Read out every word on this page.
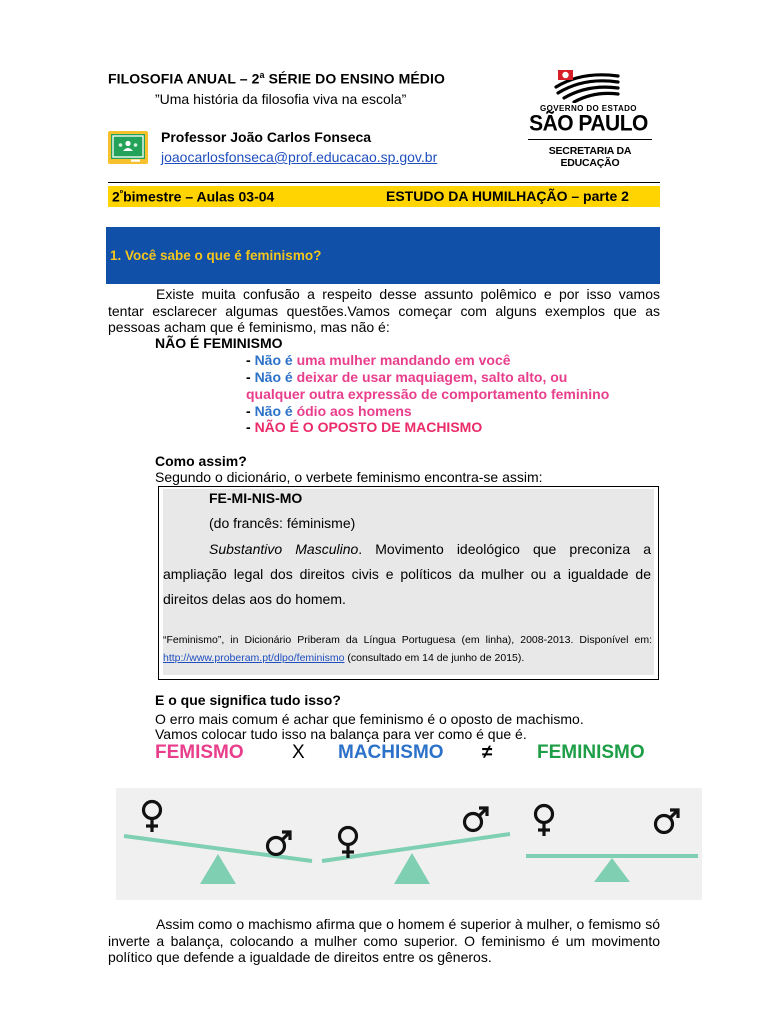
FILOSOFIA ANUAL – 2$^a$ SÉRIE DO ENSINO MÉDIO
”Uma história da filosofia viva na escola”
Professor João Carlos Fonseca
joaocarlosfonseca@prof.educacao.sp.gov.br
GOVERNO DO ESTADO
SÃO PAULO
SECRETARIA DA EDUCAÇÃO
$2^ºbimestre$ – Aulas 03-04	ESTUDO DA HUMILHAÇÃO – parte 2
1. Você sabe o que é feminismo?
Existe muita confusão a respeito desse assunto polêmico e por isso vamos tentar esclarecer algumas questões.Vamos começar com alguns exemplos que as pessoas acham que é feminismo, mas não é:
NÃO É FEMINISMO
- Não é uma mulher mandando em você
- Não é deixar de usar maquiagem, salto alto, ou
qualquer outra expressão de comportamento feminino
- Não é ódio aos homens
- NÃO É O OPOSTO DE MACHISMO
Como assim?
Segundo o dicionário, o verbete feminismo encontra-se assim:
FE-MI-NIS-MO
(do francês: féminisme)
Substantivo Masculino. Movimento ideológico que preconiza a ampliação legal dos direitos civis e políticos da mulher ou a igualdade de direitos delas aos do homem.
“Feminismo”, in Dicionário Priberam da Língua Portuguesa (em linha), 2008-2013. Disponível em: http://www.proberam.pt/dlpo/feminismo (consultado em 14 de junho de 2015).
E o que significa tudo isso?
O erro mais comum é achar que feminismo é o oposto de machismo.
Vamos colocar tudo isso na balança para ver como é que é.
FEMISMO	X MACHISMO ≠ FEMINISMO
Assim como o machismo afirma que o homem é superior à mulher, o femismo só inverte a balança, colocando a mulher como superior. O feminismo é um movimento político que defende a igualdade de direitos entre os gêneros.
